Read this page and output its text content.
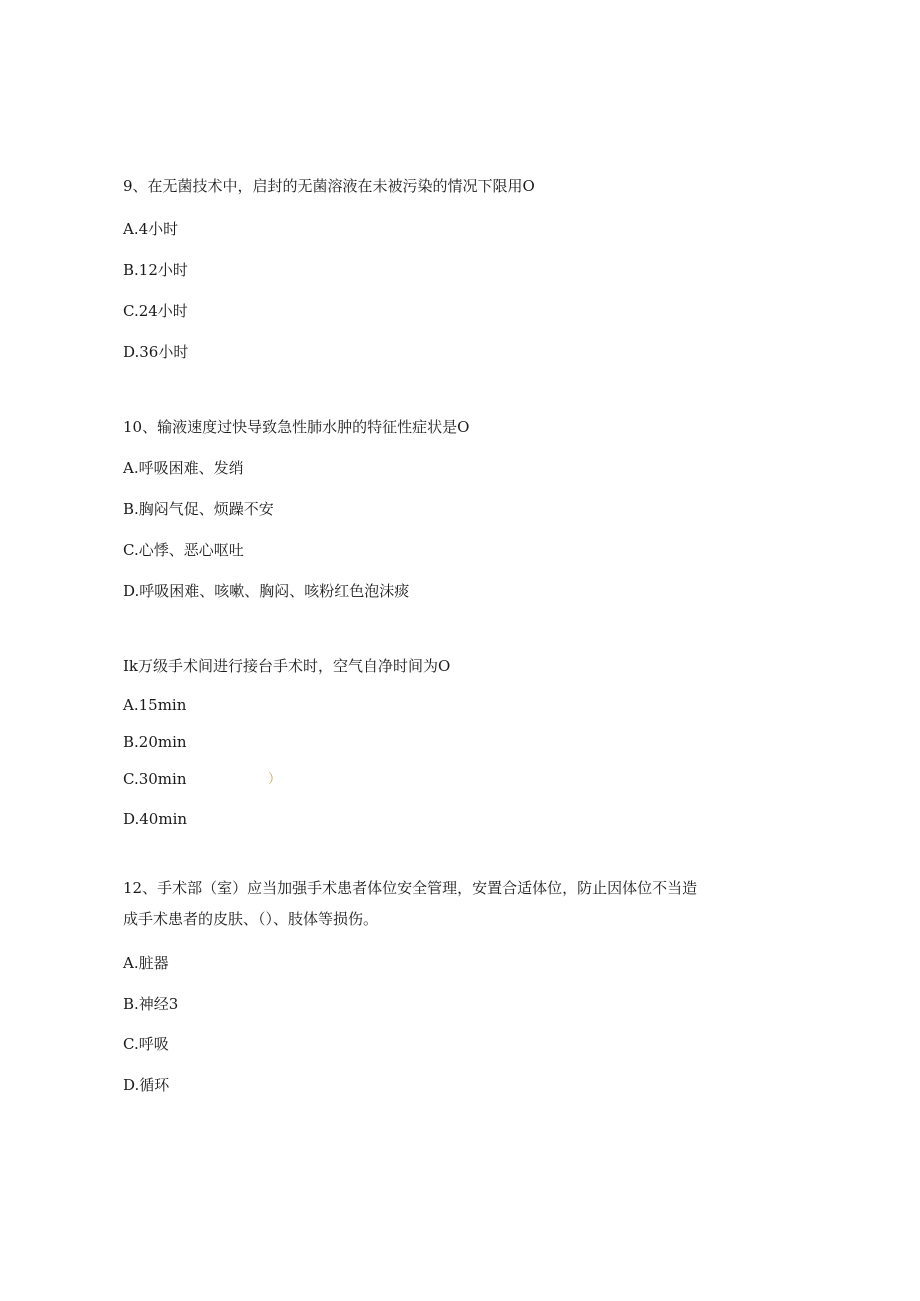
9、在无菌技术中，启封的无菌溶液在未被污染的情况下限用O
A.4小时
B.12小时
C.24小时
D.36小时
10、输液速度过快导致急性肺水肿的特征性症状是O
A.呼吸困难、发绡
B.胸闷气促、烦躁不安
C.心悸、恶心呕吐
D.呼吸困难、咳嗽、胸闷、咳粉红色泡沫痰
Ik万级手术间进行接台手术时，空气自净时间为O
A.15min
B.20min
C.30min	）
D.40min
12、手术部（室）应当加强手术患者体位安全管理，安置合适体位，防止因体位不当造
成手术患者的皮肤、（）、肢体等损伤。
A.脏器
B.神经3
C.呼吸
D.循环
